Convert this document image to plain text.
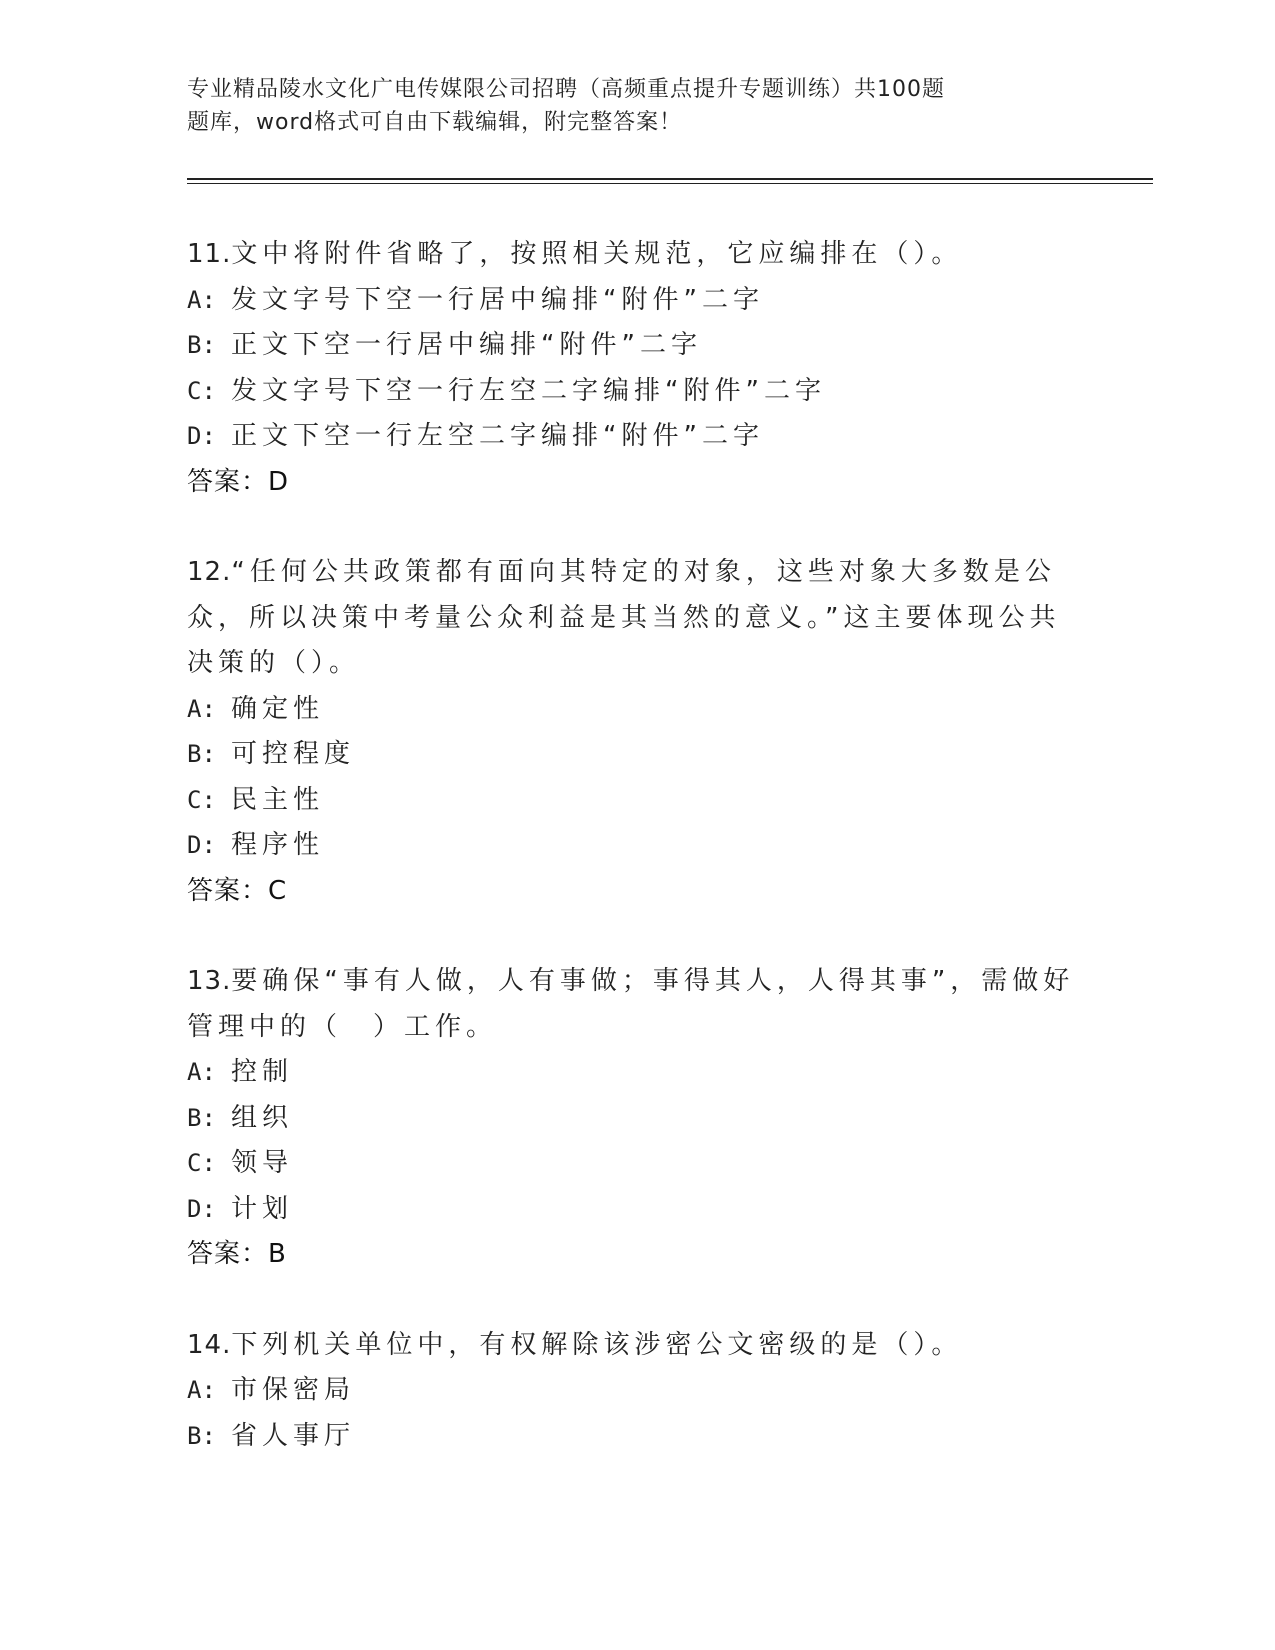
专业精品陵水文化广电传媒限公司招聘（高频重点提升专题训练）共100题
题库，word格式可自由下载编辑，附完整答案！
11.文中将附件省略了，按照相关规范，它应编排在（）。
A: 发文字号下空一行居中编排“附件”二字
B: 正文下空一行居中编排“附件”二字
C: 发文字号下空一行左空二字编排“附件”二字
D: 正文下空一行左空二字编排“附件”二字
答案：D
12.“任何公共政策都有面向其特定的对象，这些对象大多数是公众，所以决策中考量公众利益是其当然的意义。”这主要体现公共决策的（）。
A: 确定性
B: 可控程度
C: 民主性
D: 程序性
答案：C
13.要确保“事有人做，人有事做；事得其人，人得其事”，需做好管理中的（　）工作。
A: 控制
B: 组织
C: 领导
D: 计划
答案：B
14.下列机关单位中，有权解除该涉密公文密级的是（）。
A: 市保密局
B: 省人事厅
